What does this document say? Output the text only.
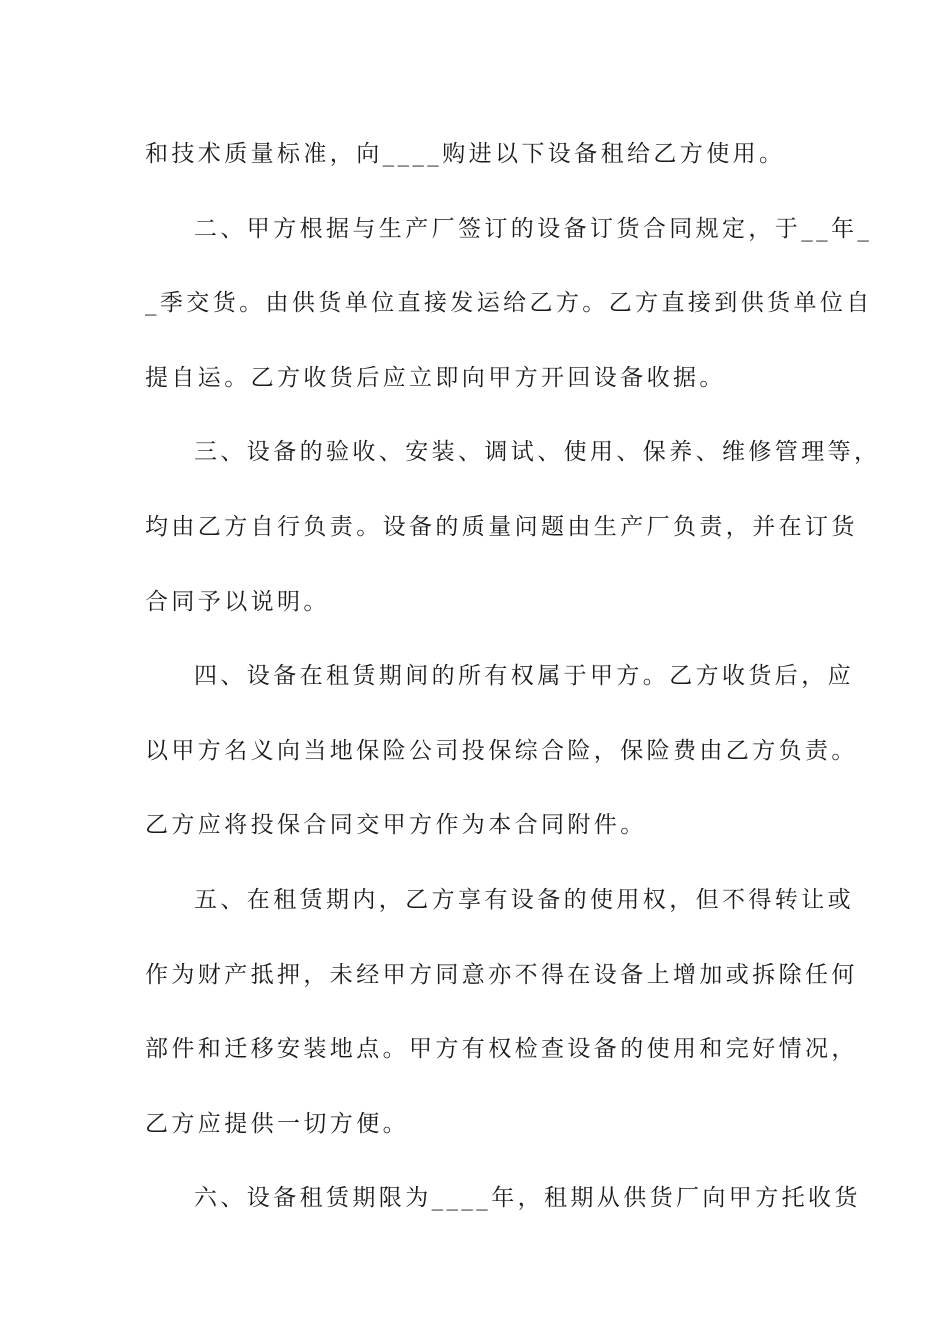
和技术质量标准，向____购进以下设备租给乙方使用。
二、甲方根据与生产厂签订的设备订货合同规定，于__年_
_季交货。由供货单位直接发运给乙方。乙方直接到供货单位自
提自运。乙方收货后应立即向甲方开回设备收据。
三、设备的验收、安装、调试、使用、保养、维修管理等，
均由乙方自行负责。设备的质量问题由生产厂负责，并在订货
合同予以说明。
四、设备在租赁期间的所有权属于甲方。乙方收货后，应
以甲方名义向当地保险公司投保综合险，保险费由乙方负责。
乙方应将投保合同交甲方作为本合同附件。
五、在租赁期内，乙方享有设备的使用权，但不得转让或
作为财产抵押，未经甲方同意亦不得在设备上增加或拆除任何
部件和迁移安装地点。甲方有权检查设备的使用和完好情况，
乙方应提供一切方便。
六、设备租赁期限为____年，租期从供货厂向甲方托收货
